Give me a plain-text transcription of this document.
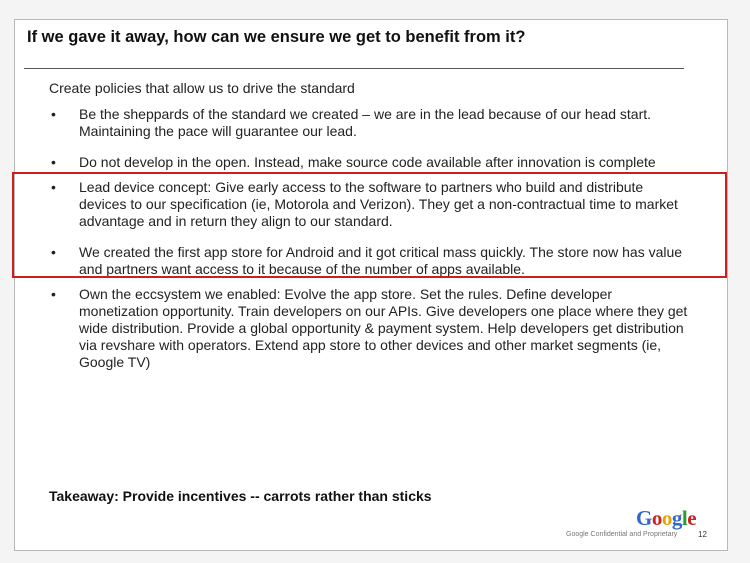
If we gave it away, how can we ensure we get to benefit from it?

Create policies that allow us to drive the standard

• Be the sheppards of the standard we created – we are in the lead because of our head start. Maintaining the pace will guarantee our lead.
• Do not develop in the open. Instead, make source code available after innovation is complete
• Lead device concept: Give early access to the software to partners who build and distribute devices to our specification (ie, Motorola and Verizon). They get a non-contractual time to market advantage and in return they align to our standard.
• We created the first app store for Android and it got critical mass quickly. The store now has value and partners want access to it because of the number of apps available.
• Own the eccsystem we enabled: Evolve the app store. Set the rules. Define developer monetization opportunity. Train developers on our APIs. Give developers one place where they get wide distribution. Provide a global opportunity & payment system. Help developers get distribution via revshare with operators. Extend app store to other devices and other market segments (ie, Google TV)
Takeaway: Provide incentives -- carrots rather than sticks
Google
Google Confidential and Proprietary	12
